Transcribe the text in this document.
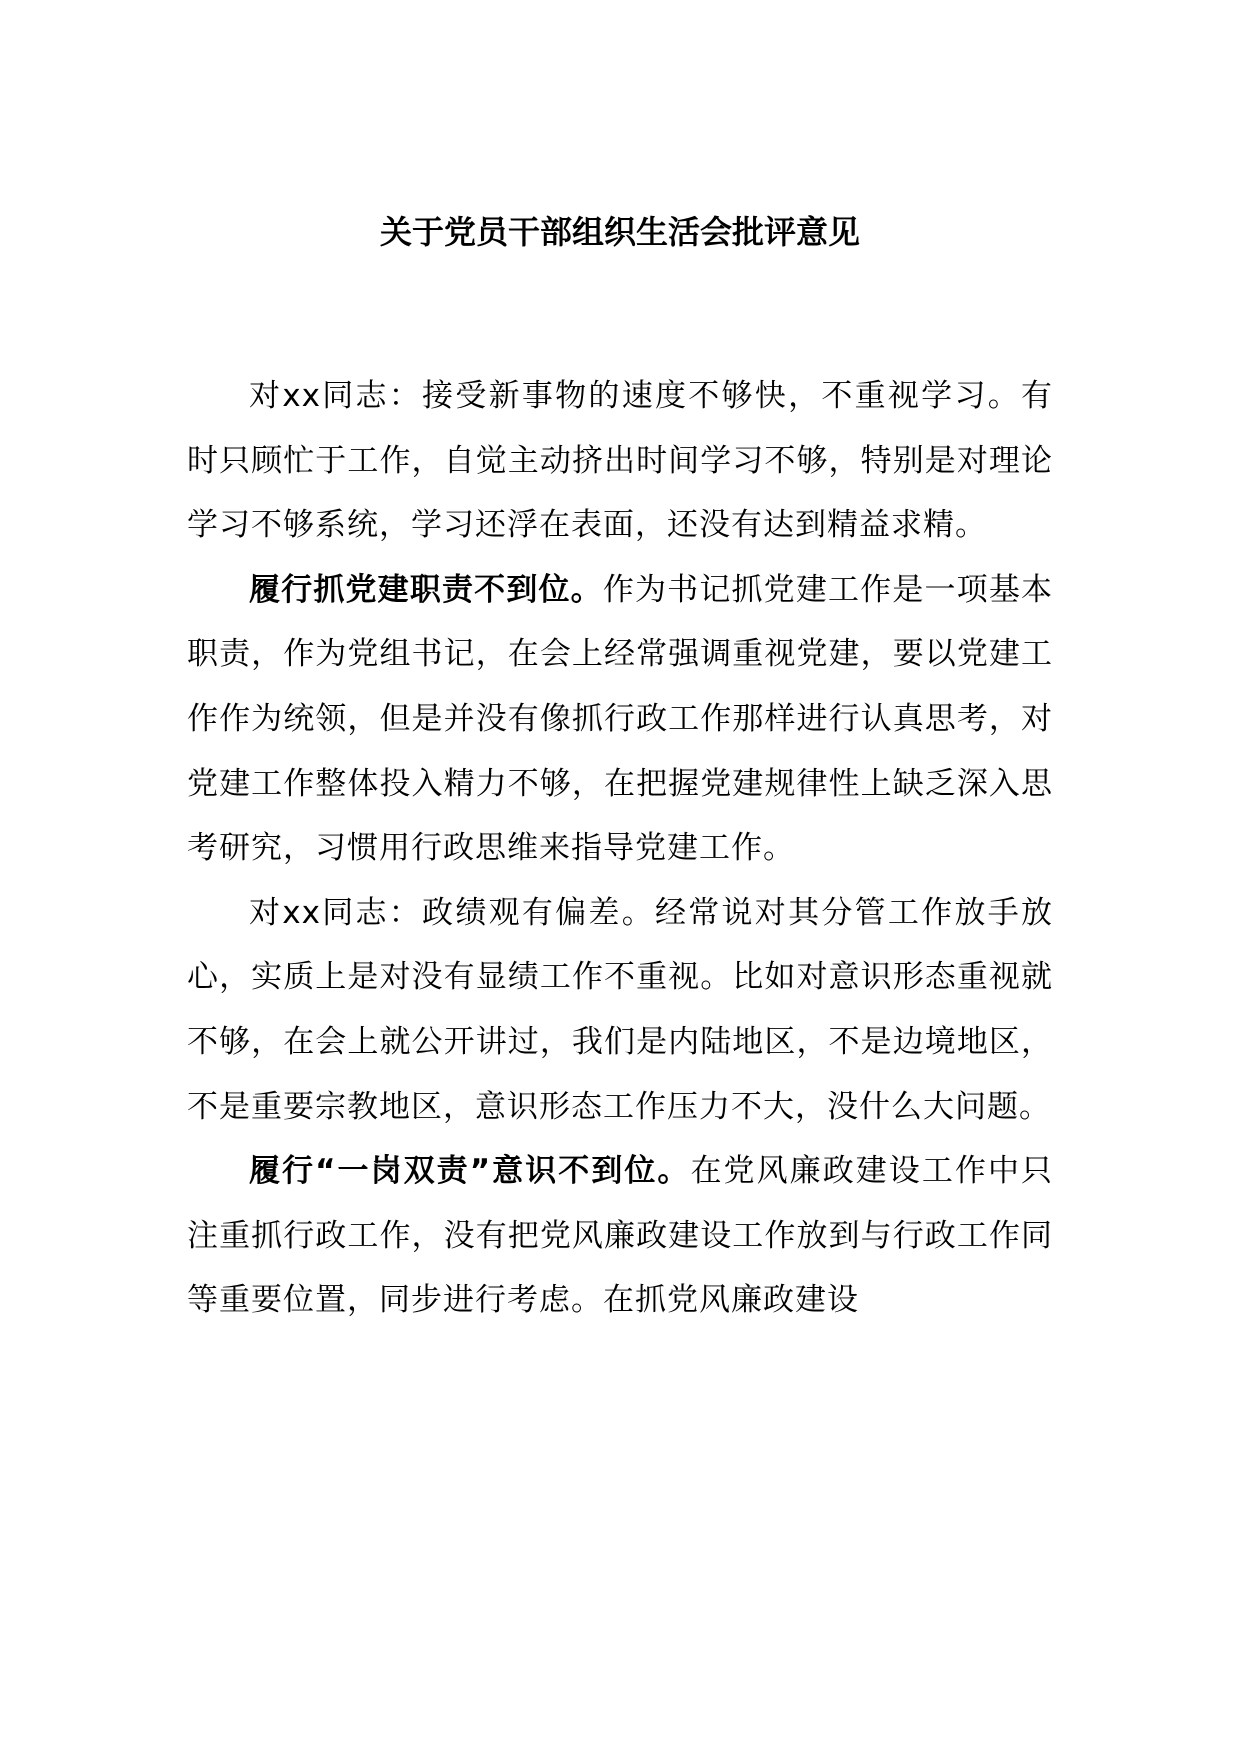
关于党员干部组织生活会批评意见

对xx同志：接受新事物的速度不够快，不重视学习。有时只顾忙于工作，自觉主动挤出时间学习不够，特别是对理论学习不够系统，学习还浮在表面，还没有达到精益求精。

履行抓党建职责不到位。作为书记抓党建工作是一项基本职责，作为党组书记，在会上经常强调重视党建，要以党建工作作为统领，但是并没有像抓行政工作那样进行认真思考，对党建工作整体投入精力不够，在把握党建规律性上缺乏深入思考研究，习惯用行政思维来指导党建工作。

对xx同志：政绩观有偏差。经常说对其分管工作放手放心，实质上是对没有显绩工作不重视。比如对意识形态重视就不够，在会上就公开讲过，我们是内陆地区，不是边境地区，不是重要宗教地区，意识形态工作压力不大，没什么大问题。

履行“一岗双责”意识不到位。在党风廉政建设工作中只注重抓行政工作，没有把党风廉政建设工作放到与行政工作同等重要位置，同步进行考虑。在抓党风廉政建设
